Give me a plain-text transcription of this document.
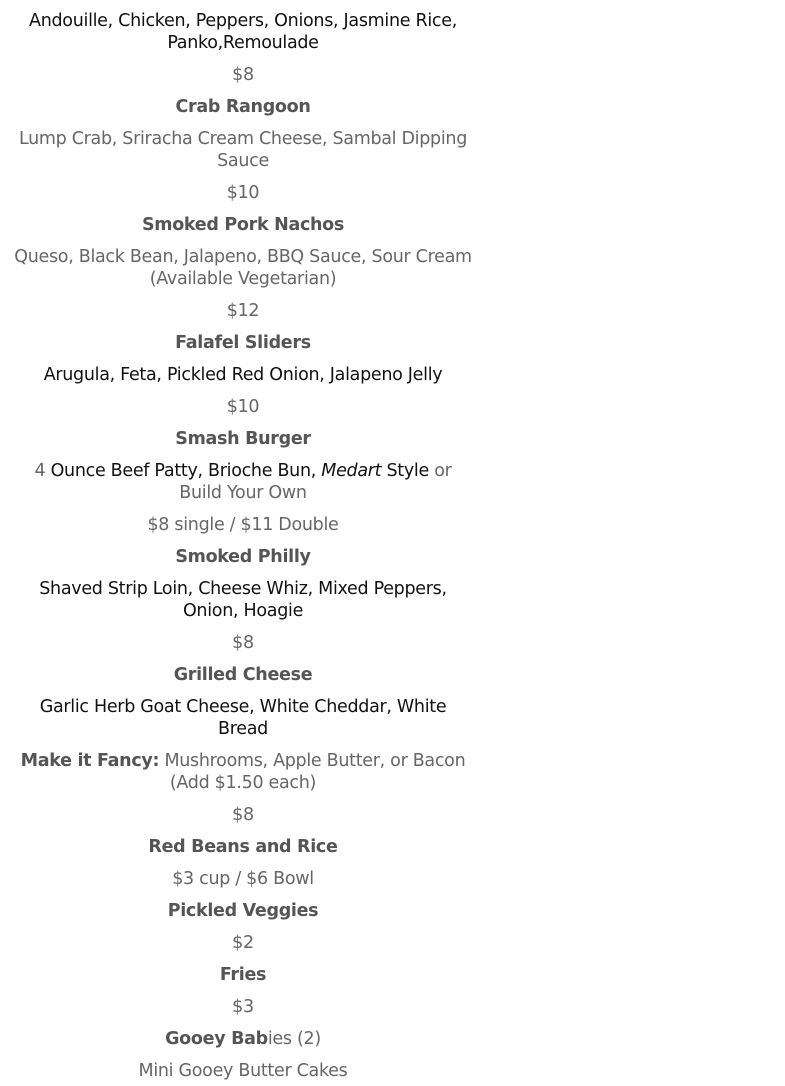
Andouille, Chicken, Peppers, Onions, Jasmine Rice, Panko,Remoulade
$8
Crab Rangoon
Lump Crab, Sriracha Cream Cheese, Sambal Dipping Sauce
$10
Smoked Pork Nachos
Queso, Black Bean, Jalapeno, BBQ Sauce, Sour Cream (Available Vegetarian)
$12
Falafel Sliders
Arugula, Feta, Pickled Red Onion, Jalapeno Jelly
$10
Smash Burger
4 Ounce Beef Patty, Brioche Bun, Medart Style or Build Your Own
$8 single / $11 Double
Smoked Philly
Shaved Strip Loin, Cheese Whiz, Mixed Peppers, Onion, Hoagie
$8
Grilled Cheese
Garlic Herb Goat Cheese, White Cheddar, White Bread
Make it Fancy: Mushrooms, Apple Butter, or Bacon (Add $1.50 each)
$8
Red Beans and Rice
$3 cup / $6 Bowl
Pickled Veggies
$2
Fries
$3
Gooey Babies (2)
Mini Gooey Butter Cakes
